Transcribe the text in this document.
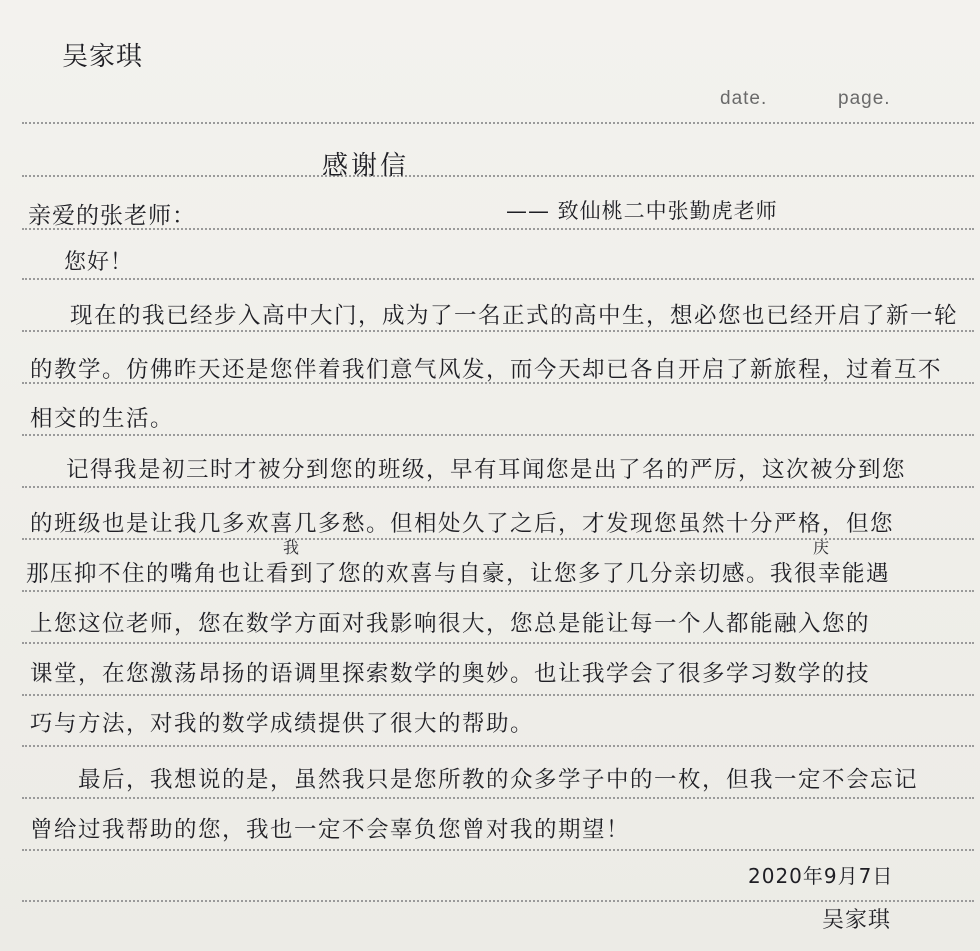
吴家琪
date.	page.
感谢信
亲爱的张老师：	—— 致仙桃二中张勤虎老师
您好！
现在的我已经步入高中大门，成为了一名正式的高中生，想必您也已经开启了新一轮
的教学。仿佛昨天还是您伴着我们意气风发，而今天却已各自开启了新旅程，过着互不
相交的生活。
记得我是初三时才被分到您的班级，早有耳闻您是出了名的严厉，这次被分到您
的班级也是让我几多欢喜几多愁。但相处久了之后，才发现您虽然十分严格，但您
我	庆
那压抑不住的嘴角也让看到了您的欢喜与自豪，让您多了几分亲切感。我很幸能遇
上您这位老师，您在数学方面对我影响很大，您总是能让每一个人都能融入您的
课堂，在您激荡昂扬的语调里探索数学的奥妙。也让我学会了很多学习数学的技
巧与方法，对我的数学成绩提供了很大的帮助。
最后，我想说的是，虽然我只是您所教的众多学子中的一枚，但我一定不会忘记
曾给过我帮助的您，我也一定不会辜负您曾对我的期望！
2020年9月7日
吴家琪
